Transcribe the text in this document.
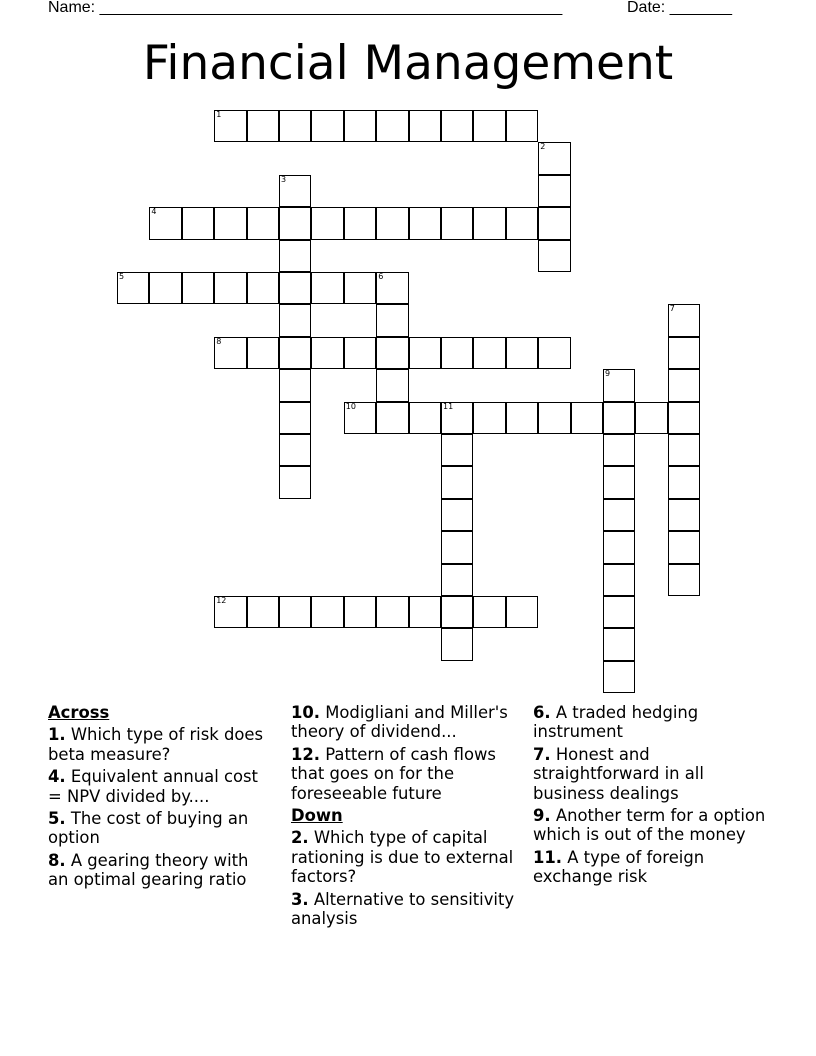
Name: ____________________________________________________	Date: _______
Financial Management
1
2
3
4
5	6
7
8
9
10	11
12
Across
1. Which type of risk does beta measure?
4. Equivalent annual cost = NPV divided by....
5. The cost of buying an option
8. A gearing theory with an optimal gearing ratio
10. Modigliani and Miller's theory of dividend...
12. Pattern of cash flows that goes on for the foreseeable future
Down
2. Which type of capital rationing is due to external factors?
3. Alternative to sensitivity analysis
6. A traded hedging instrument
7. Honest and straightforward in all business dealings
9. Another term for a option which is out of the money
11. A type of foreign exchange risk
